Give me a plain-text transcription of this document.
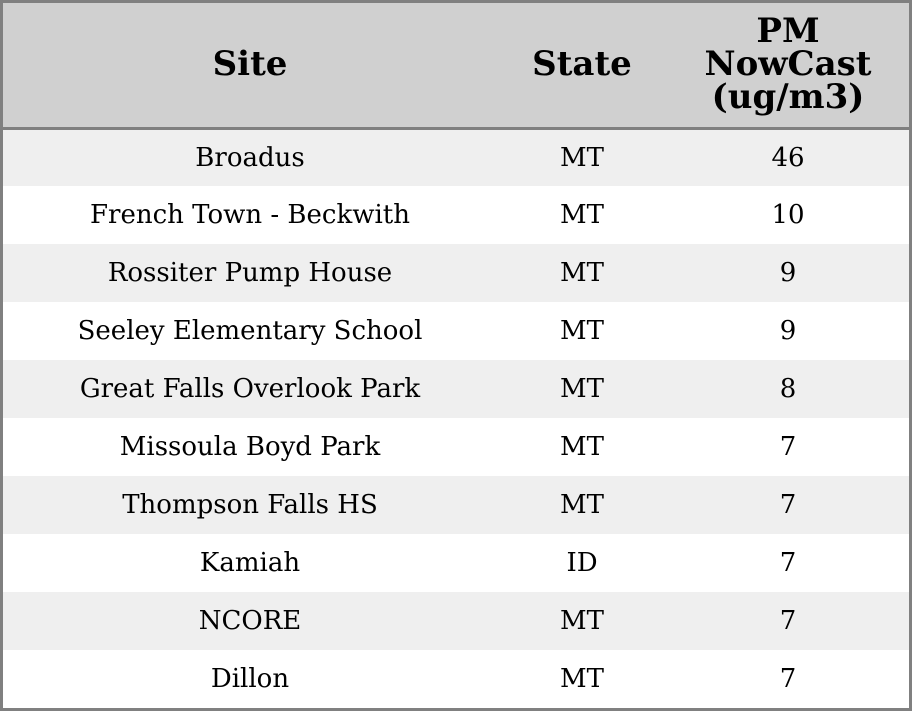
Site	State	PM
NowCast
(ug/m3)

Broadus	MT	46
French Town - Beckwith	MT	10
Rossiter Pump House	MT	9
Seeley Elementary School	MT	9
Great Falls Overlook Park	MT	8
Missoula Boyd Park	MT	7
Thompson Falls HS	MT	7
Kamiah	ID	7
NCORE	MT	7
Dillon	MT	7
